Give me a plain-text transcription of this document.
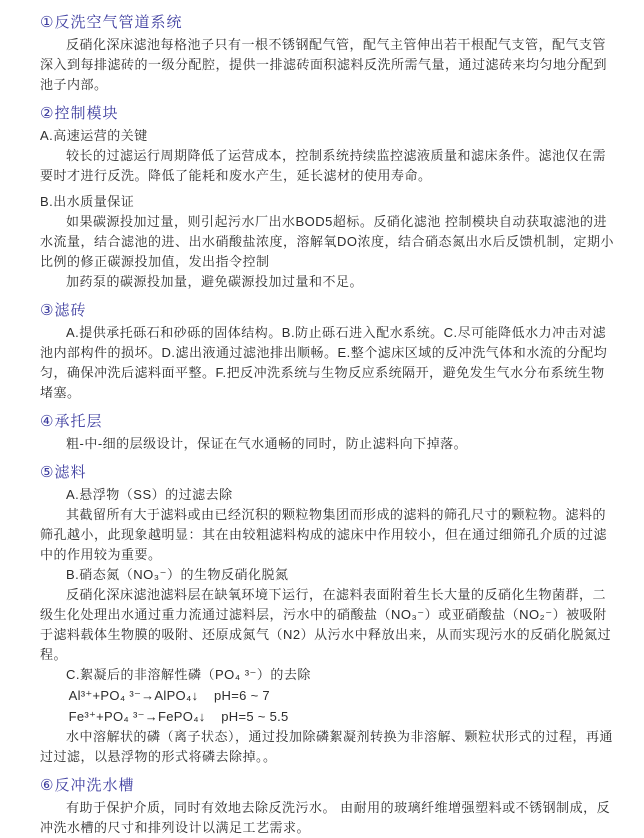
①反洗空气管道系统

反硝化深床滤池每格池子只有一根不锈钢配气管，配气主管伸出若干根配气支管，配气支管深入到每排滤砖的一级分配腔，提供一排滤砖面积滤料反洗所需气量，通过滤砖来均匀地分配到池子内部。

②控制模块

A.高速运营的关键

较长的过滤运行周期降低了运营成本，控制系统持续监控滤液质量和滤床条件。滤池仅在需要时才进行反洗。降低了能耗和废水产生，延长滤材的使用寿命。

B.出水质量保证

如果碳源投加过量，则引起污水厂出水BOD5超标。反硝化滤池 控制模块自动获取滤池的进水流量，结合滤池的进、出水硝酸盐浓度，溶解氧DO浓度，结合硝态氮出水后反馈机制，定期小比例的修正碳源投加值，发出指令控制

加药泵的碳源投加量，避免碳源投加过量和不足。

③滤砖

A.提供承托砾石和砂砾的固体结构。B.防止砾石进入配水系统。C.尽可能降低水力冲击对滤池内部构件的损坏。D.滤出液通过滤池排出顺畅。E.整个滤床区域的反冲洗气体和水流的分配均匀，确保冲洗后滤料面平整。F.把反冲洗系统与生物反应系统隔开，避免发生气水分布系统生物堵塞。

④承托层

粗-中-细的层级设计，保证在气水通畅的同时，防止滤料向下掉落。

⑤滤料

A.悬浮物（SS）的过滤去除

其截留所有大于滤料或由已经沉积的颗粒物集团而形成的滤料的筛孔尺寸的颗粒物。滤料的筛孔越小，此现象越明显：其在由较粗滤料构成的滤床中作用较小，但在通过细筛孔介质的过滤中的作用较为重要。

B.硝态氮（NO₃⁻）的生物反硝化脱氮

反硝化深床滤池滤料层在缺氧环境下运行，在滤料表面附着生长大量的反硝化生物菌群，二级生化处理出水通过重力流通过滤料层，污水中的硝酸盐（NO₃⁻）或亚硝酸盐（NO₂⁻）被吸附于滤料载体生物膜的吸附、还原成氮气（N2）从污水中释放出来，从而实现污水的反硝化脱氮过程。

C.絮凝后的非溶解性磷（PO₄ ³⁻）的去除

Al³⁺+PO₄ ³⁻→AlPO₄↓    pH=6 ~ 7

Fe³⁺+PO₄ ³⁻→FePO₄↓    pH=5 ~ 5.5

水中溶解状的磷（离子状态），通过投加除磷絮凝剂转换为非溶解、颗粒状形式的过程，再通过过滤，以悬浮物的形式将磷去除掉。。

⑥反冲洗水槽

有助于保护介质，同时有效地去除反洗污水。 由耐用的玻璃纤维增强塑料或不锈钢制成，反冲洗水槽的尺寸和排列设计以满足工艺需求。
